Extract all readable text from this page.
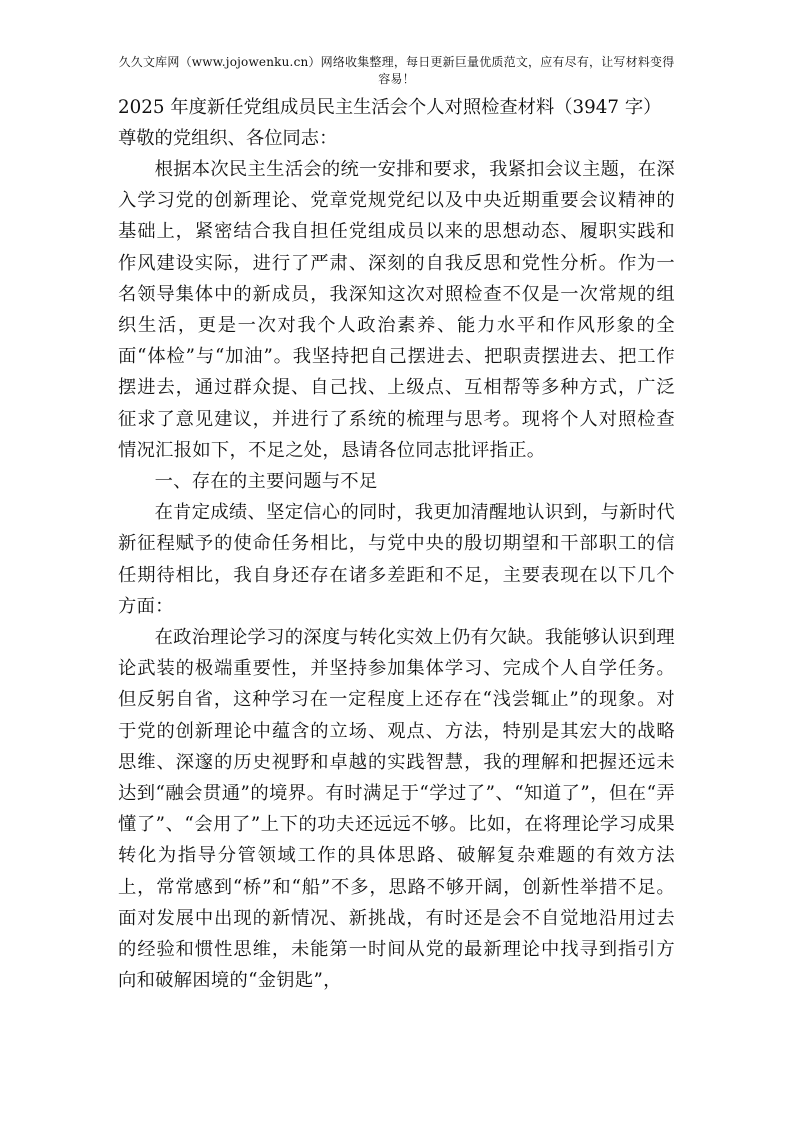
久久文库网（www.jojowenku.cn）网络收集整理，每日更新巨量优质范文，应有尽有，让写材料变得容易！
2025 年度新任党组成员民主生活会个人对照检查材料（3947 字）
尊敬的党组织、各位同志：

根据本次民主生活会的统一安排和要求，我紧扣会议主题，在深入学习党的创新理论、党章党规党纪以及中央近期重要会议精神的基础上，紧密结合我自担任党组成员以来的思想动态、履职实践和作风建设实际，进行了严肃、深刻的自我反思和党性分析。作为一名领导集体中的新成员，我深知这次对照检查不仅是一次常规的组织生活，更是一次对我个人政治素养、能力水平和作风形象的全面“体检”与“加油”。我坚持把自己摆进去、把职责摆进去、把工作摆进去，通过群众提、自己找、上级点、互相帮等多种方式，广泛征求了意见建议，并进行了系统的梳理与思考。现将个人对照检查情况汇报如下，不足之处，恳请各位同志批评指正。

一、存在的主要问题与不足

在肯定成绩、坚定信心的同时，我更加清醒地认识到，与新时代新征程赋予的使命任务相比，与党中央的殷切期望和干部职工的信任期待相比，我自身还存在诸多差距和不足，主要表现在以下几个方面：

在政治理论学习的深度与转化实效上仍有欠缺。我能够认识到理论武装的极端重要性，并坚持参加集体学习、完成个人自学任务。但反躬自省，这种学习在一定程度上还存在“浅尝辄止”的现象。对于党的创新理论中蕴含的立场、观点、方法，特别是其宏大的战略思维、深邃的历史视野和卓越的实践智慧，我的理解和把握还远未达到“融会贯通”的境界。有时满足于“学过了”、“知道了”，但在“弄懂了”、“会用了”上下的功夫还远远不够。比如，在将理论学习成果转化为指导分管领域工作的具体思路、破解复杂难题的有效方法上，常常感到“桥”和“船”不多，思路不够开阔，创新性举措不足。面对发展中出现的新情况、新挑战，有时还是会不自觉地沿用过去的经验和惯性思维，未能第一时间从党的最新理论中找寻到指引方向和破解困境的“金钥匙”，
